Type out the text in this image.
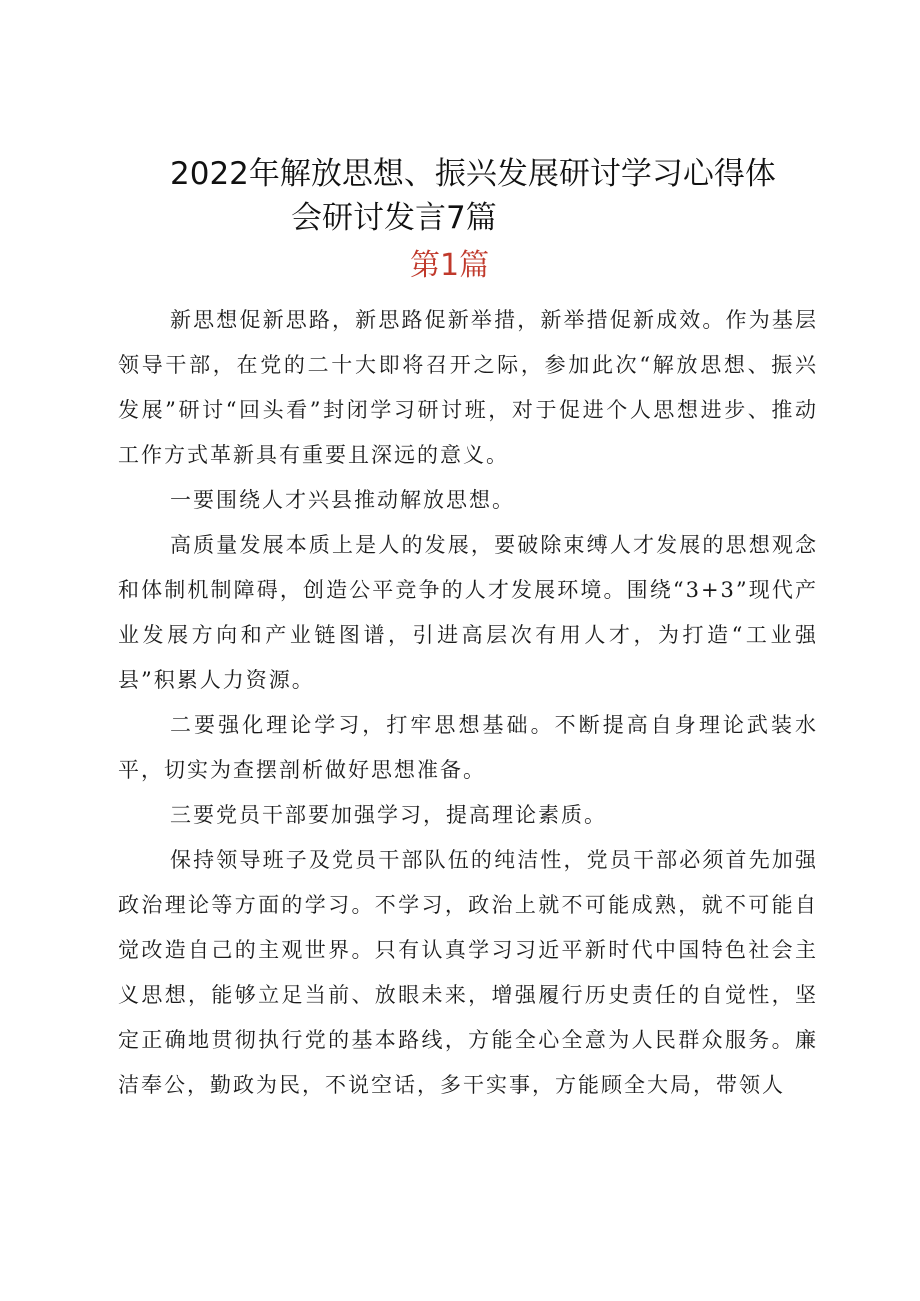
2022年解放思想、振兴发展研讨学习心得体
会研讨发言7篇
第1篇

新思想促新思路，新思路促新举措，新举措促新成效。作为基层领导干部，在党的二十大即将召开之际，参加此次“解放思想、振兴发展”研讨“回头看”封闭学习研讨班，对于促进个人思想进步、推动工作方式革新具有重要且深远的意义。

一要围绕人才兴县推动解放思想。

高质量发展本质上是人的发展，要破除束缚人才发展的思想观念和体制机制障碍，创造公平竞争的人才发展环境。围绕“3+3”现代产业发展方向和产业链图谱，引进高层次有用人才，为打造“工业强县”积累人力资源。

二要强化理论学习，打牢思想基础。不断提高自身理论武装水平，切实为查摆剖析做好思想准备。

三要党员干部要加强学习，提高理论素质。

保持领导班子及党员干部队伍的纯洁性，党员干部必须首先加强政治理论等方面的学习。不学习，政治上就不可能成熟，就不可能自觉改造自己的主观世界。只有认真学习习近平新时代中国特色社会主义思想，能够立足当前、放眼未来，增强履行历史责任的自觉性，坚定正确地贯彻执行党的基本路线，方能全心全意为人民群众服务。廉洁奉公，勤政为民，不说空话，多干实事，方能顾全大局，带领人
